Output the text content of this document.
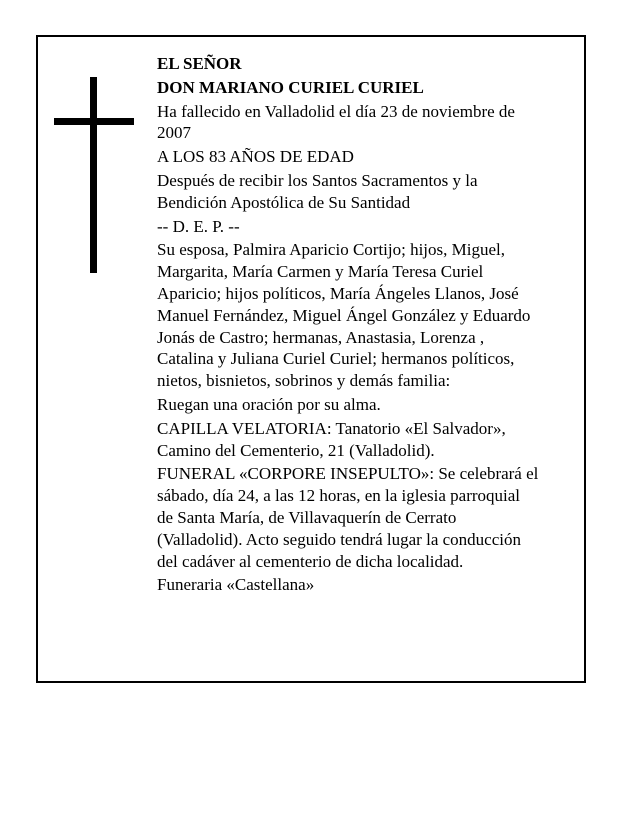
EL SEÑOR

DON MARIANO CURIEL CURIEL

Ha fallecido en Valladolid el día 23 de noviembre de
2007

A LOS 83 AÑOS DE EDAD

Después de recibir los Santos Sacramentos y la
Bendición Apostólica de Su Santidad

-- D. E. P. --

Su esposa, Palmira Aparicio Cortijo; hijos, Miguel,
Margarita, María Carmen y María Teresa Curiel
Aparicio; hijos políticos, María Ángeles Llanos, José
Manuel Fernández, Miguel Ángel González y Eduardo
Jonás de Castro; hermanas, Anastasia, Lorenza ,
Catalina y Juliana Curiel Curiel; hermanos políticos,
nietos, bisnietos, sobrinos y demás familia:

Ruegan una oración por su alma.

CAPILLA VELATORIA: Tanatorio «El Salvador»,
Camino del Cementerio, 21 (Valladolid).

FUNERAL «CORPORE INSEPULTO»: Se celebrará el
sábado, día 24, a las 12 horas, en la iglesia parroquial
de Santa María, de Villavaquerín de Cerrato
(Valladolid). Acto seguido tendrá lugar la conducción
del cadáver al cementerio de dicha localidad.

Funeraria «Castellana»
